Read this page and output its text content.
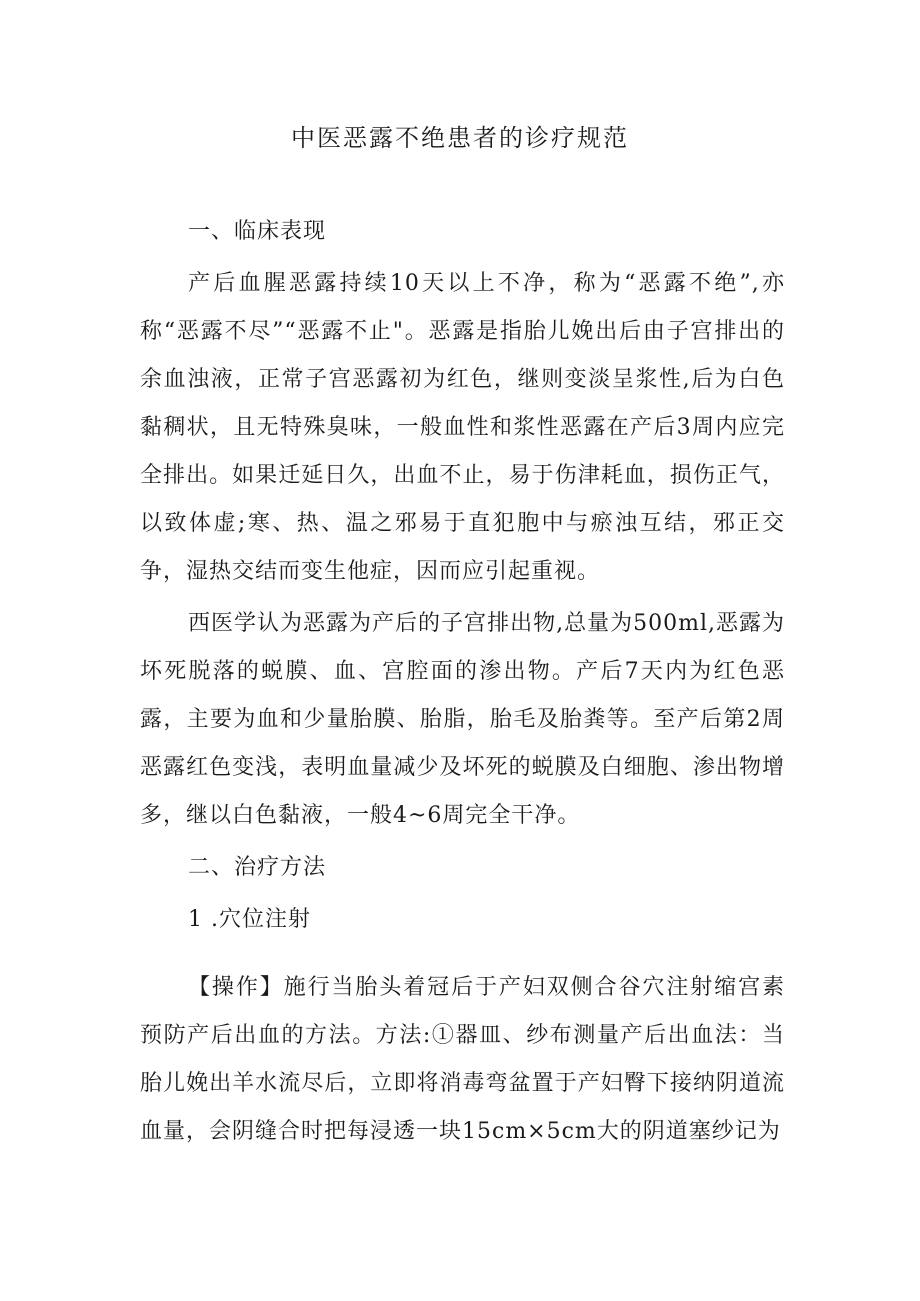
中医恶露不绝患者的诊疗规范
一、临床表现

产后血腥恶露持续10天以上不净，称为“恶露不绝”,亦称“恶露不尽”“恶露不止"。恶露是指胎儿娩出后由子宫排出的余血浊液，正常子宫恶露初为红色，继则变淡呈浆性,后为白色黏稠状，且无特殊臭味，一般血性和浆性恶露在产后3周内应完全排出。如果迁延日久，出血不止，易于伤津耗血，损伤正气，以致体虚;寒、热、温之邪易于直犯胞中与瘀浊互结，邪正交争，湿热交结而变生他症，因而应引起重视。

西医学认为恶露为产后的子宫排出物,总量为500ml,恶露为坏死脱落的蜕膜、血、宫腔面的渗出物。产后7天内为红色恶露，主要为血和少量胎膜、胎脂，胎毛及胎粪等。至产后第2周恶露红色变浅，表明血量减少及坏死的蜕膜及白细胞、渗出物增多，继以白色黏液，一般4~6周完全干净。

二、治疗方法
1 .穴位注射

【操作】施行当胎头着冠后于产妇双侧合谷穴注射缩宫素预防产后出血的方法。方法:①器皿、纱布测量产后出血法：当胎儿娩出羊水流尽后，立即将消毒弯盆置于产妇臀下接纳阴道流血量，会阴缝合时把每浸透一块15cm×5cm大的阴道塞纱记为
